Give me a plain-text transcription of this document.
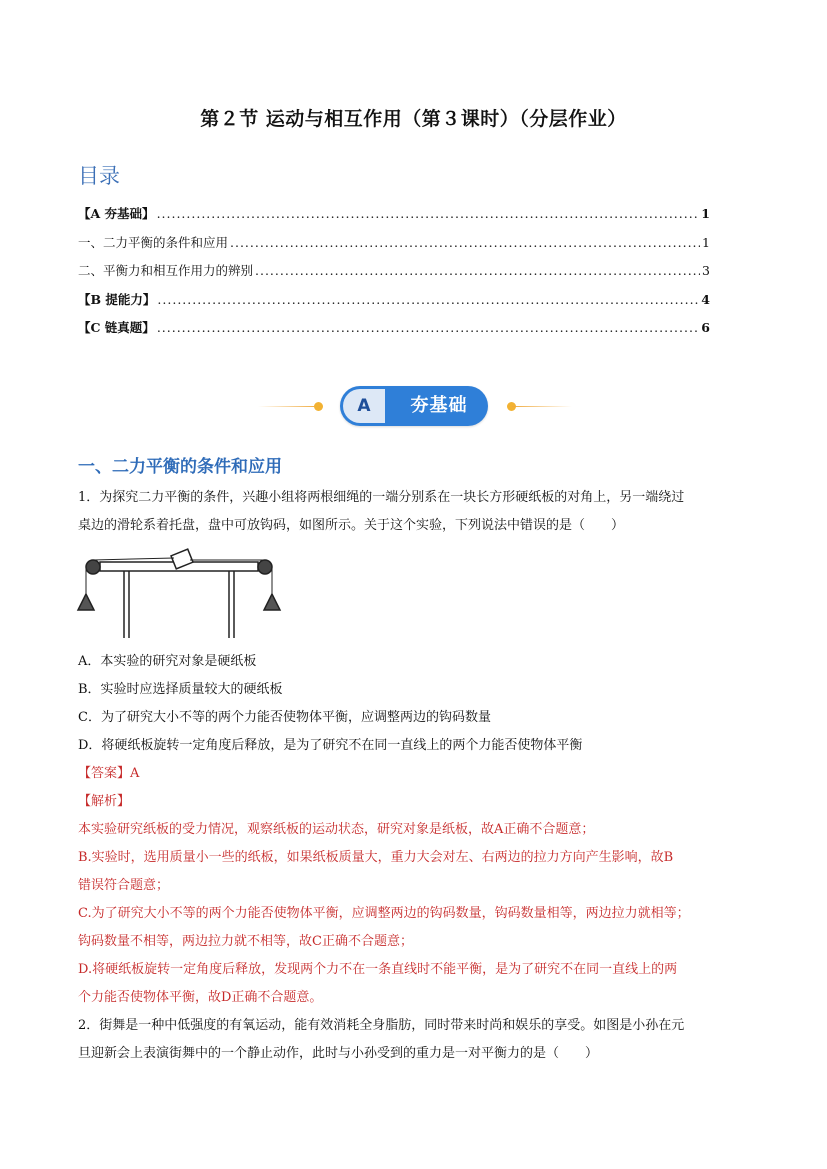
第２节 运动与相互作用（第３课时）（分层作业）
目录
【A 夯基础】 .....	1
一、二力平衡的条件和应用 .....	1
二、平衡力和相互作用力的辨别 .....	3
【B 提能力】 .....	4
【C 链真题】 .....	6
A	夯基础
一、二力平衡的条件和应用
1．为探究二力平衡的条件，兴趣小组将两根细绳的一端分别系在一块长方形硬纸板的对角上，另一端绕过
桌边的滑轮系着托盘，盘中可放钩码，如图所示。关于这个实验，下列说法中错误的是（　　）
A．本实验的研究对象是硬纸板
B．实验时应选择质量较大的硬纸板
C．为了研究大小不等的两个力能否使物体平衡，应调整两边的钩码数量
D．将硬纸板旋转一定角度后释放，是为了研究不在同一直线上的两个力能否使物体平衡
【答案】A
【解析】
本实验研究纸板的受力情况，观察纸板的运动状态，研究对象是纸板，故A正确不合题意；
B.实验时，选用质量小一些的纸板，如果纸板质量大，重力大会对左、右两边的拉力方向产生影响，故B
错误符合题意；
C.为了研究大小不等的两个力能否使物体平衡，应调整两边的钩码数量，钩码数量相等，两边拉力就相等；
钩码数量不相等，两边拉力就不相等，故C正确不合题意；
D.将硬纸板旋转一定角度后释放，发现两个力不在一条直线时不能平衡，是为了研究不在同一直线上的两
个力能否使物体平衡，故D正确不合题意。
2．街舞是一种中低强度的有氧运动，能有效消耗全身脂肪，同时带来时尚和娱乐的享受。如图是小孙在元
旦迎新会上表演街舞中的一个静止动作，此时与小孙受到的重力是一对平衡力的是（　　）
